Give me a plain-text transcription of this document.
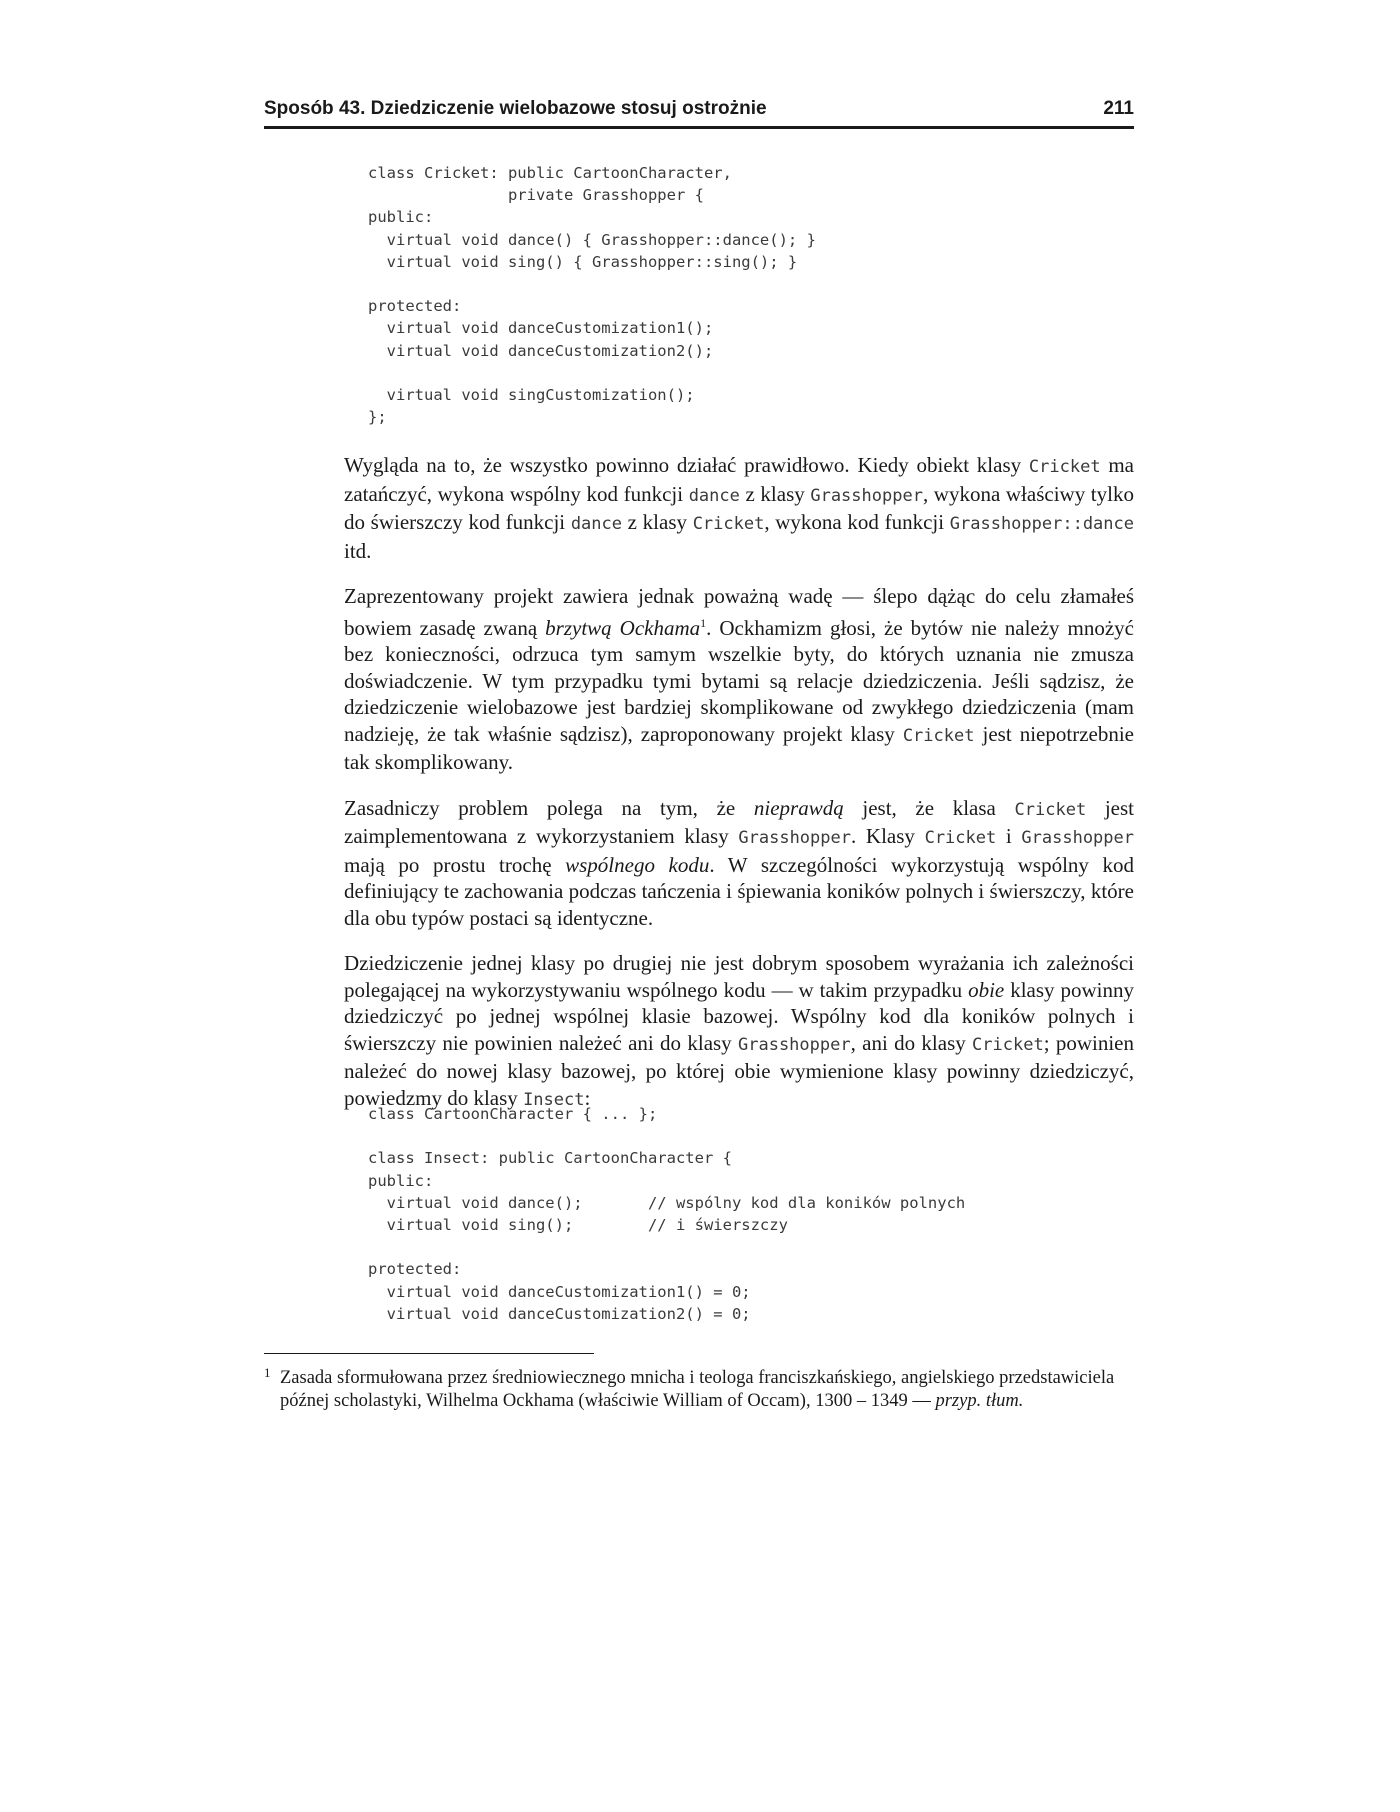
Sposób 43. Dziedziczenie wielobazowe stosuj ostrożnie	211
class Cricket: public CartoonCharacter,
private Grasshopper {
public:
virtual void dance() { Grasshopper::dance(); }
virtual void sing() { Grasshopper::sing(); }

protected:
virtual void danceCustomization1();
virtual void danceCustomization2();

virtual void singCustomization();
};

Wygląda na to, że wszystko powinno działać prawidłowo. Kiedy obiekt klasy Cricket ma zatańczyć, wykona wspólny kod funkcji dance z klasy Grasshopper, wykona właściwy tylko do świerszczy kod funkcji dance z klasy Cricket, wykona kod funkcji Grasshopper::dance itd.

Zaprezentowany projekt zawiera jednak poważną wadę — ślepo dążąc do celu złamałeś bowiem zasadę zwaną brzytwą Ockhama$^1$. Ockhamizm głosi, że bytów nie należy mnożyć bez konieczności, odrzuca tym samym wszelkie byty, do których uznania nie zmusza doświadczenie. W tym przypadku tymi bytami są relacje dziedziczenia. Jeśli sądzisz, że dziedziczenie wielobazowe jest bardziej skomplikowane od zwykłego dziedziczenia (mam nadzieję, że tak właśnie sądzisz), zaproponowany projekt klasy Cricket jest niepotrzebnie tak skomplikowany.

Zasadniczy problem polega na tym, że nieprawdą jest, że klasa Cricket jest zaimplementowana z wykorzystaniem klasy Grasshopper. Klasy Cricket i Grasshopper mają po prostu trochę wspólnego kodu. W szczególności wykorzystują wspólny kod definiujący te zachowania podczas tańczenia i śpiewania koników polnych i świerszczy, które dla obu typów postaci są identyczne.

Dziedziczenie jednej klasy po drugiej nie jest dobrym sposobem wyrażania ich zależności polegającej na wykorzystywaniu wspólnego kodu — w takim przypadku obie klasy powinny dziedziczyć po jednej wspólnej klasie bazowej. Wspólny kod dla koników polnych i świerszczy nie powinien należeć ani do klasy Grasshopper, ani do klasy Cricket; powinien należeć do nowej klasy bazowej, po której obie wymienione klasy powinny dziedziczyć, powiedzmy do klasy Insect:

class CartoonCharacter { ... };

class Insect: public CartoonCharacter {
public:
virtual void dance();       // wspólny kod dla koników polnych
virtual void sing();        // i świerszczy

protected:
virtual void danceCustomization1() = 0;
virtual void danceCustomization2() = 0;
1 Zasada sformułowana przez średniowiecznego mnicha i teologa franciszkańskiego, angielskiego przedstawiciela późnej scholastyki, Wilhelma Ockhama (właściwie William of Occam), 1300 – 1349 — przyp. tłum.
